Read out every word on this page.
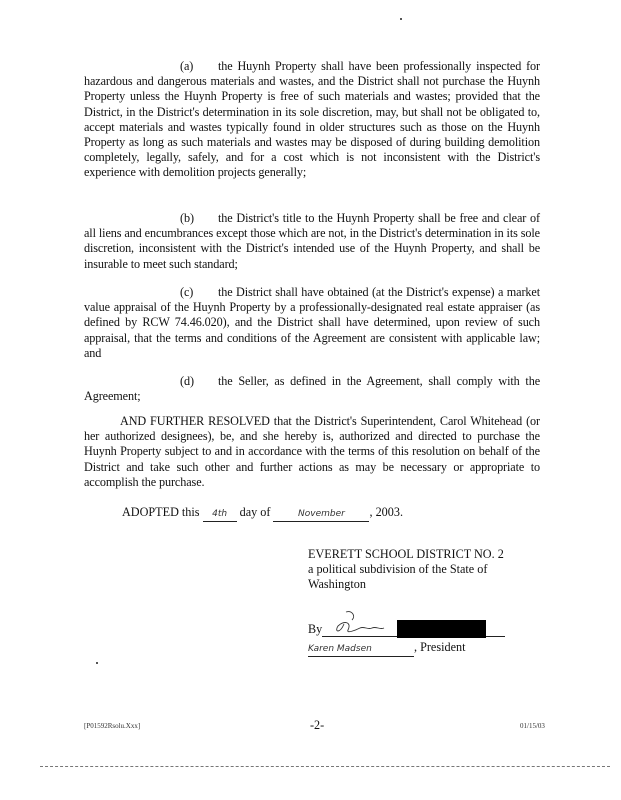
(a) the Huynh Property shall have been professionally inspected for hazardous and dangerous materials and wastes, and the District shall not purchase the Huynh Property unless the Huynh Property is free of such materials and wastes; provided that the District, in the District's determination in its sole discretion, may, but shall not be obligated to, accept materials and wastes typically found in older structures such as those on the Huynh Property as long as such materials and wastes may be disposed of during building demolition completely, legally, safely, and for a cost which is not inconsistent with the District's experience with demolition projects generally;
(b) the District's title to the Huynh Property shall be free and clear of all liens and encumbrances except those which are not, in the District's determination in its sole discretion, inconsistent with the District's intended use of the Huynh Property, and shall be insurable to meet such standard;
(c) the District shall have obtained (at the District's expense) a market value appraisal of the Huynh Property by a professionally-designated real estate appraiser (as defined by RCW 74.46.020), and the District shall have determined, upon review of such appraisal, that the terms and conditions of the Agreement are consistent with applicable law; and
(d) the Seller, as defined in the Agreement, shall comply with the Agreement;
AND FURTHER RESOLVED that the District's Superintendent, Carol Whitehead (or her authorized designees), be, and she hereby is, authorized and directed to purchase the Huynh Property subject to and in accordance with the terms of this resolution on behalf of the District and take such other and further actions as may be necessary or appropriate to accomplish the purchase.
ADOPTED this 4th day of	November , 2003.
EVERETT SCHOOL DISTRICT NO. 2
a political subdivision of the State of
Washington
By
Karen Madsen	, President
[P01592Rsolu.Xxx]	-2-	01/15/03
